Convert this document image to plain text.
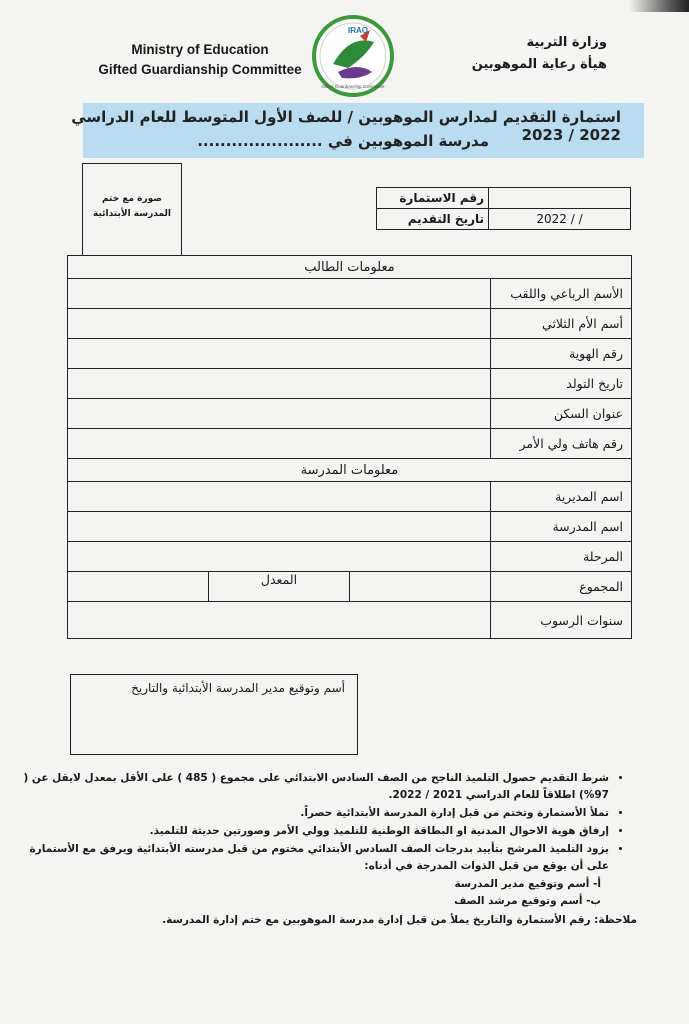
Ministry of Education
Gifted Guardianship Committee
IRAQ
Gifted Guardianship Committee
وزارة التربية
هيأة رعاية الموهوبين
استمارة التقديم لمدارس الموهوبين / للصف الأول المتوسط للعام الدراسي 2022 / 2023
مدرسة الموهوبين في ......................
صورة مع ختم المدرسة الأبتدائية
رقم الاستمارة	
تاريخ التقديم	2022 / /
معلومات الطالب			
			الأسم الرباعي واللقب
			أسم الأم الثلاثي
			رقم الهوية
			تاريخ التولد
			عنوان السكن
			رقم هاتف ولي الأمر
معلومات المدرسة			
			اسم المديرية
			اسم المدرسة
			المرحلة
	المعدل		المجموع
			سنوات الرسوب
أسم وتوقيع مدير المدرسة الأبتدائية والتاريخ
• شرط التقديم حصول التلميذ الناجح من الصف السادس الابتدائي على مجموع ( 485 ) على الأقل بمعدل لايقل عن ( 97%) اطلاقاً للعام الدراسي 2021 / 2022.
• تملأ الأستمارة وتختم من قبل إدارة المدرسة الأبتدائية حصراً.
• إرفاق هوية الاحوال المدنية او البطاقة الوطنية للتلميذ وولي الأمر وصورتين حديثة للتلميذ.
• يزود التلميذ المرشح بتأييد بدرجات الصف السادس الأبتدائي مختوم من قبل مدرسته الأبتدائية ويرفق مع الأستمارة على أن يوقع من قبل الذوات المدرجة في أدناه:
أ- أسم وتوقيع مدير المدرسة
ب- أسم وتوقيع مرشد الصف
ملاحظة: رقم الأستمارة والتاريخ يملأ من قبل إدارة مدرسة الموهوبين مع ختم إدارة المدرسة.
